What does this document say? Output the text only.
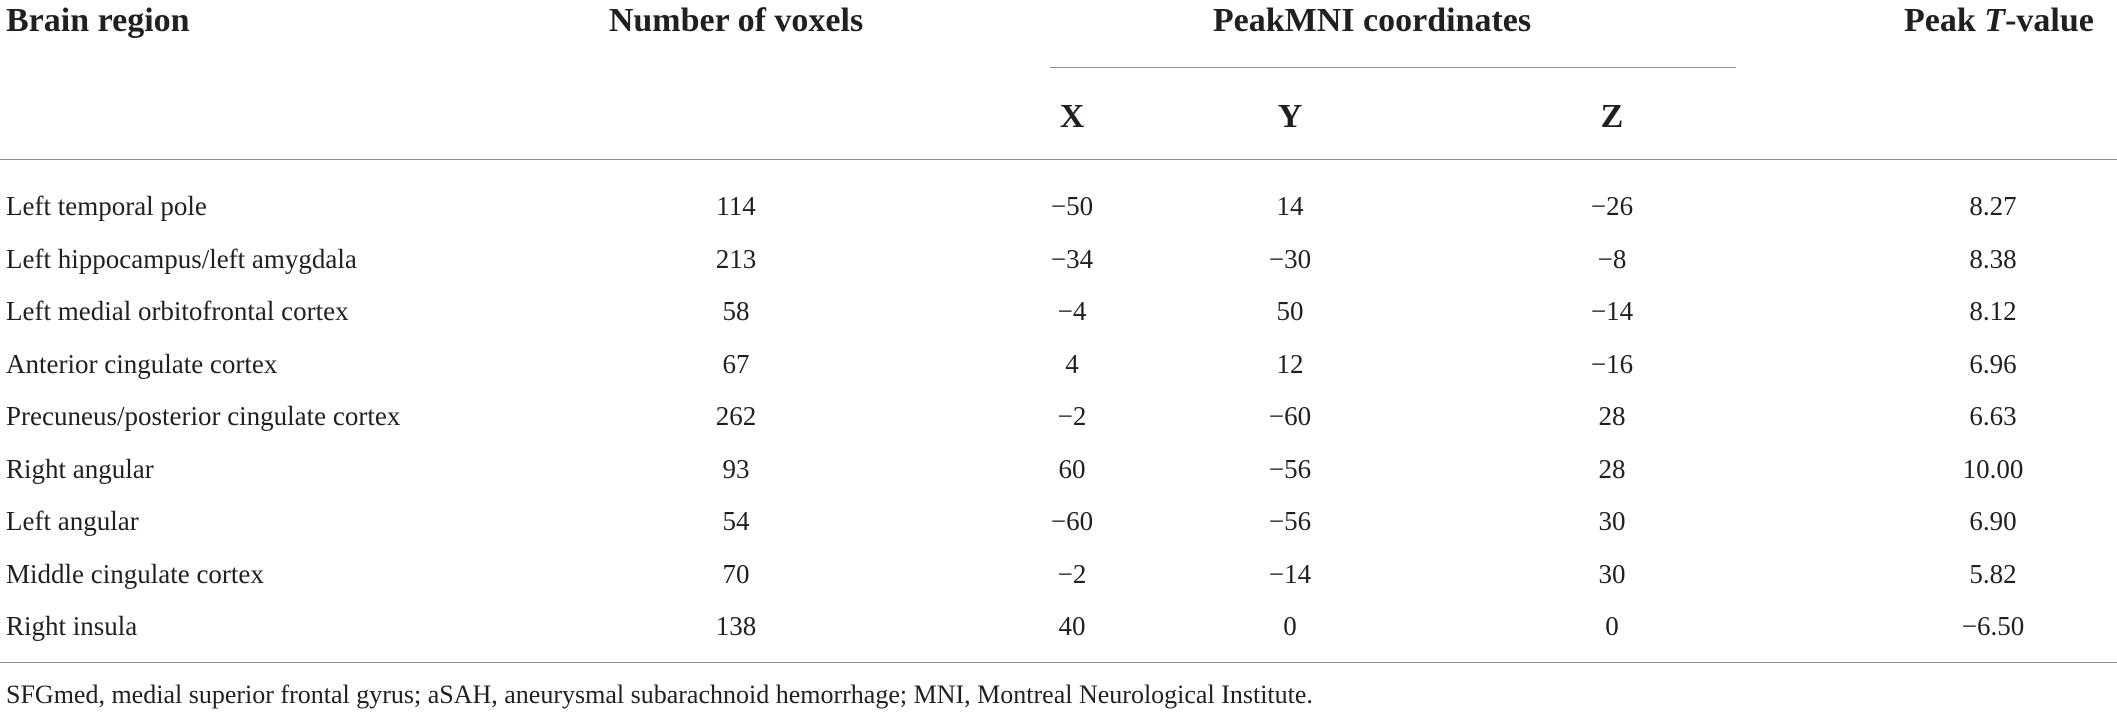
Brain region	Number of voxels	PeakMNI coordinates	Peak T-value
X	Y	Z
Left temporal pole	114	−50	14	−26	8.27
Left hippocampus/left amygdala	213	−34	−30	−8	8.38
Left medial orbitofrontal cortex	58	−4	50	−14	8.12
Anterior cingulate cortex	67	4	12	−16	6.96
Precuneus/posterior cingulate cortex	262	−2	−60	28	6.63
Right angular	93	60	−56	28	10.00
Left angular	54	−60	−56	30	6.90
Middle cingulate cortex	70	−2	−14	30	5.82
Right insula	138	40	0	0	−6.50
SFGmed, medial superior frontal gyrus; aSAH, aneurysmal subarachnoid hemorrhage; MNI, Montreal Neurological Institute.
